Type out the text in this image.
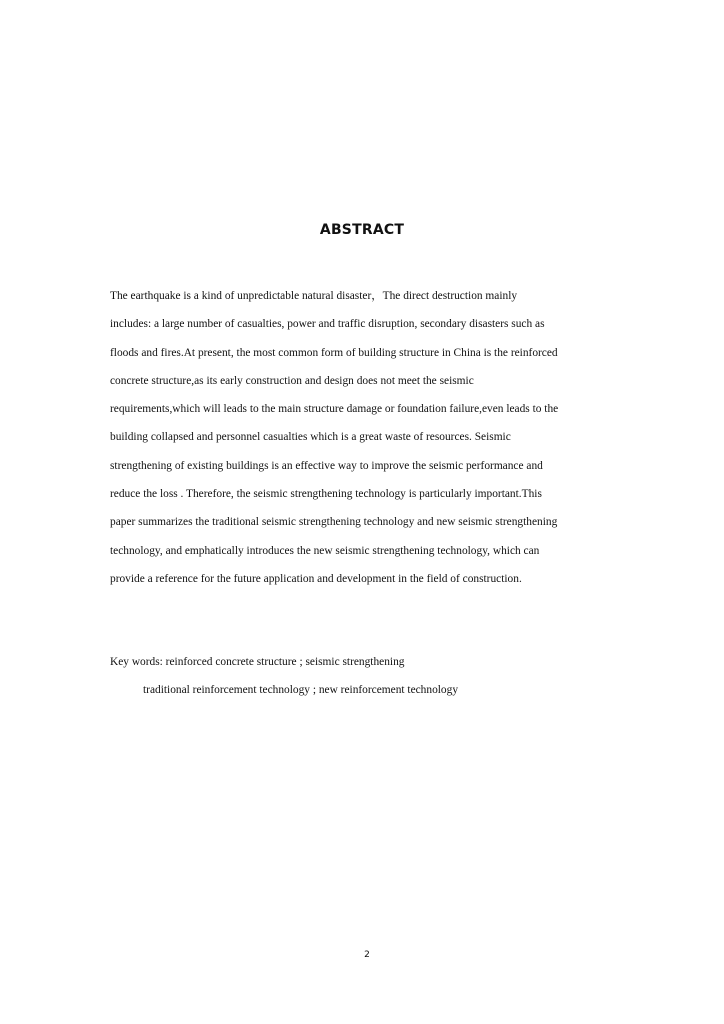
ABSTRACT
The earthquake is a kind of unpredictable natural disaster，The direct destruction mainly
includes: a large number of casualties, power and traffic disruption, secondary disasters such as
floods and fires.At present, the most common form of building structure in China is the reinforced
concrete structure,as its early construction and design does not meet the seismic
requirements,which will leads to the main structure damage or foundation failure,even leads to the
building collapsed and personnel casualties which is a great waste of resources. Seismic
strengthening of existing buildings is an effective way to improve the seismic performance and
reduce the loss . Therefore, the seismic strengthening technology is particularly important.This
paper summarizes the traditional seismic strengthening technology and new seismic strengthening
technology, and emphatically introduces the new seismic strengthening technology, which can
provide a reference for the future application and development in the field of construction.
Key words: reinforced concrete structure ; seismic strengthening
traditional reinforcement technology ; new reinforcement technology
2
